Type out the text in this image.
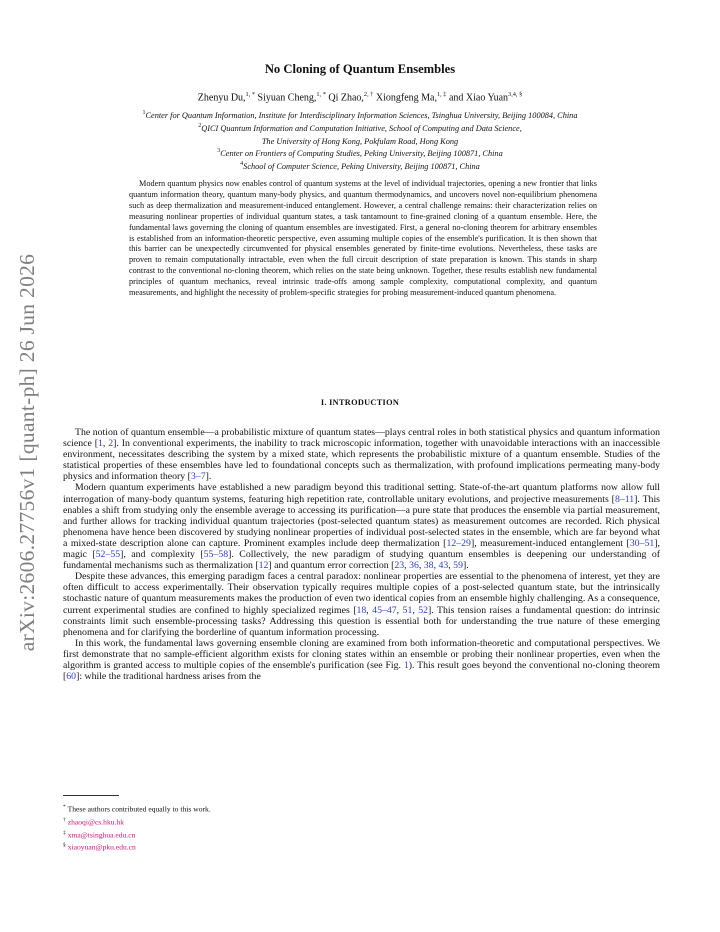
arXiv:2606.27756v1 [quant-ph] 26 Jun 2026
No Cloning of Quantum Ensembles
Zhenyu Du,$^{1, *}$ Siyuan Cheng,$^{1, *}$ Qi Zhao,$^{2, \dagger}$ Xiongfeng Ma,$^{1, \ddagger}$ and Xiao Yuan$^{3,4, \S}$
$^1$Center for Quantum Information, Institute for Interdisciplinary Information Sciences, Tsinghua University, Beijing 100084, China
$^2$QICI Quantum Information and Computation Initiative, School of Computing and Data Science,
The University of Hong Kong, Pokfulam Road, Hong Kong
$^3$Center on Frontiers of Computing Studies, Peking University, Beijing 100871, China
$^4$School of Computer Science, Peking University, Beijing 100871, China

Modern quantum physics now enables control of quantum systems at the level of individual trajectories, opening a new frontier that links quantum information theory, quantum many-body physics, and quantum thermodynamics, and uncovers novel non-equilibrium phenomena such as deep thermalization and measurement-induced entanglement. However, a central challenge remains: their characterization relies on measuring nonlinear properties of individual quantum states, a task tantamount to fine-grained cloning of a quantum ensemble. Here, the fundamental laws governing the cloning of quantum ensembles are investigated. First, a general no-cloning theorem for arbitrary ensembles is established from an information-theoretic perspective, even assuming multiple copies of the ensemble's purification. It is then shown that this barrier can be unexpectedly circumvented for physical ensembles generated by finite-time evolutions. Nevertheless, these tasks are proven to remain computationally intractable, even when the full circuit description of state preparation is known. This stands in sharp contrast to the conventional no-cloning theorem, which relies on the state being unknown. Together, these results establish new fundamental principles of quantum mechanics, reveal intrinsic trade-offs among sample complexity, computational complexity, and quantum measurements, and highlight the necessity of problem-specific strategies for probing measurement-induced quantum phenomena.

I. INTRODUCTION

The notion of quantum ensemble—a probabilistic mixture of quantum states—plays central roles in both statistical physics and quantum information science [1, 2]. In conventional experiments, the inability to track microscopic information, together with unavoidable interactions with an inaccessible environment, necessitates describing the system by a mixed state, which represents the probabilistic mixture of a quantum ensemble. Studies of the statistical properties of these ensembles have led to foundational concepts such as thermalization, with profound implications permeating many-body physics and information theory [3–7].

Modern quantum experiments have established a new paradigm beyond this traditional setting. State-of-the-art quantum platforms now allow full interrogation of many-body quantum systems, featuring high repetition rate, controllable unitary evolutions, and projective measurements [8–11]. This enables a shift from studying only the ensemble average to accessing its purification—a pure state that produces the ensemble via partial measurement, and further allows for tracking individual quantum trajectories (post-selected quantum states) as measurement outcomes are recorded. Rich physical phenomena have hence been discovered by studying nonlinear properties of individual post-selected states in the ensemble, which are far beyond what a mixed-state description alone can capture. Prominent examples include deep thermalization [12–29], measurement-induced entanglement [30–51], magic [52–55], and complexity [55–58]. Collectively, the new paradigm of studying quantum ensembles is deepening our understanding of fundamental mechanisms such as thermalization [12] and quantum error correction [23, 36, 38, 43, 59].

Despite these advances, this emerging paradigm faces a central paradox: nonlinear properties are essential to the phenomena of interest, yet they are often difficult to access experimentally. Their observation typically requires multiple copies of a post-selected quantum state, but the intrinsically stochastic nature of quantum measurements makes the production of even two identical copies from an ensemble highly challenging. As a consequence, current experimental studies are confined to highly specialized regimes [18, 45–47, 51, 52]. This tension raises a fundamental question: do intrinsic constraints limit such ensemble-processing tasks? Addressing this question is essential both for understanding the true nature of these emerging phenomena and for clarifying the borderline of quantum information processing.

In this work, the fundamental laws governing ensemble cloning are examined from both information-theoretic and computational perspectives. We first demonstrate that no sample-efficient algorithm exists for cloning states within an ensemble or probing their nonlinear properties, even when the algorithm is granted access to multiple copies of the ensemble's purification (see Fig. 1). This result goes beyond the conventional no-cloning theorem [60]: while the traditional hardness arises from the

* These authors contributed equally to this work.
† zhaoqi@cs.hku.hk
‡ xma@tsinghua.edu.cn
§ xiaoyuan@pku.edu.cn
